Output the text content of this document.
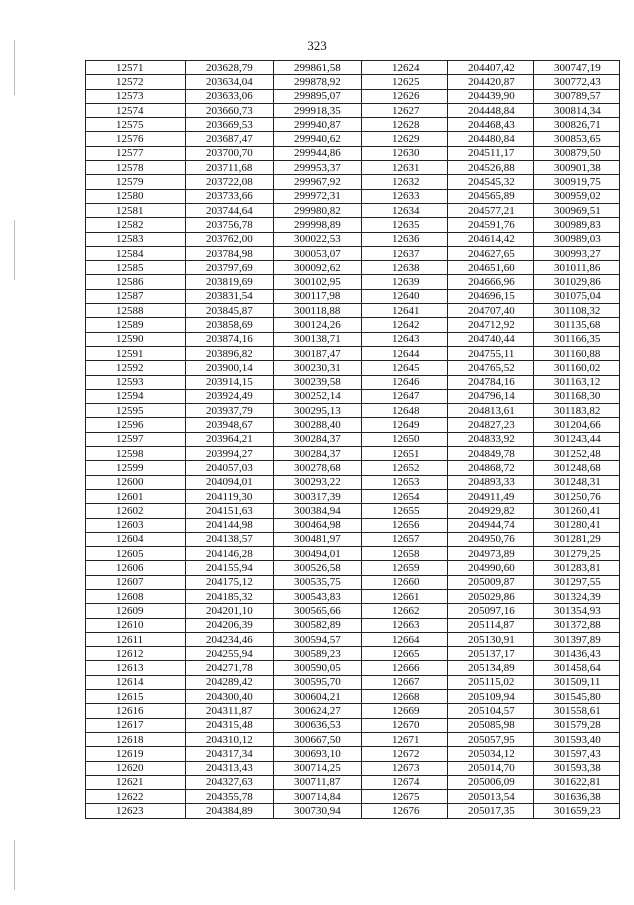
323
12571	203628,79	299861,58	12624	204407,42	300747,19
12572	203634,04	299878,92	12625	204420,87	300772,43
12573	203633,06	299895,07	12626	204439,90	300789,57
12574	203660,73	299918,35	12627	204448,84	300814,34
12575	203669,53	299940,87	12628	204468,43	300826,71
12576	203687,47	299940,62	12629	204480,84	300853,65
12577	203700,70	299944,86	12630	204511,17	300879,50
12578	203711,68	299953,37	12631	204526,88	300901,38
12579	203722,08	299967,92	12632	204545,32	300919,75
12580	203733,66	299972,31	12633	204565,89	300959,02
12581	203744,64	299980,82	12634	204577,21	300969,51
12582	203756,78	299998,89	12635	204591,76	300989,83
12583	203762,00	300022,53	12636	204614,42	300989,03
12584	203784,98	300053,07	12637	204627,65	300993,27
12585	203797,69	300092,62	12638	204651,60	301011,86
12586	203819,69	300102,95	12639	204666,96	301029,86
12587	203831,54	300117,98	12640	204696,15	301075,04
12588	203845,87	300118,88	12641	204707,40	301108,32
12589	203858,69	300124,26	12642	204712,92	301135,68
12590	203874,16	300138,71	12643	204740,44	301166,35
12591	203896,82	300187,47	12644	204755,11	301160,88
12592	203900,14	300230,31	12645	204765,52	301160,02
12593	203914,15	300239,58	12646	204784,16	301163,12
12594	203924,49	300252,14	12647	204796,14	301168,30
12595	203937,79	300295,13	12648	204813,61	301183,82
12596	203948,67	300288,40	12649	204827,23	301204,66
12597	203964,21	300284,37	12650	204833,92	301243,44
12598	203994,27	300284,37	12651	204849,78	301252,48
12599	204057,03	300278,68	12652	204868,72	301248,68
12600	204094,01	300293,22	12653	204893,33	301248,31
12601	204119,30	300317,39	12654	204911,49	301250,76
12602	204151,63	300384,94	12655	204929,82	301260,41
12603	204144,98	300464,98	12656	204944,74	301280,41
12604	204138,57	300481,97	12657	204950,76	301281,29
12605	204146,28	300494,01	12658	204973,89	301279,25
12606	204155,94	300526,58	12659	204990,60	301283,81
12607	204175,12	300535,75	12660	205009,87	301297,55
12608	204185,32	300543,83	12661	205029,86	301324,39
12609	204201,10	300565,66	12662	205097,16	301354,93
12610	204206,39	300582,89	12663	205114,87	301372,88
12611	204234,46	300594,57	12664	205130,91	301397,89
12612	204255,94	300589,23	12665	205137,17	301436,43
12613	204271,78	300590,05	12666	205134,89	301458,64
12614	204289,42	300595,70	12667	205115,02	301509,11
12615	204300,40	300604,21	12668	205109,94	301545,80
12616	204311,87	300624,27	12669	205104,57	301558,61
12617	204315,48	300636,53	12670	205085,98	301579,28
12618	204310,12	300667,50	12671	205057,95	301593,40
12619	204317,34	300693,10	12672	205034,12	301597,43
12620	204313,43	300714,25	12673	205014,70	301593,38
12621	204327,63	300711,87	12674	205006,09	301622,81
12622	204355,78	300714,84	12675	205013,54	301636,38
12623	204384,89	300730,94	12676	205017,35	301659,23
